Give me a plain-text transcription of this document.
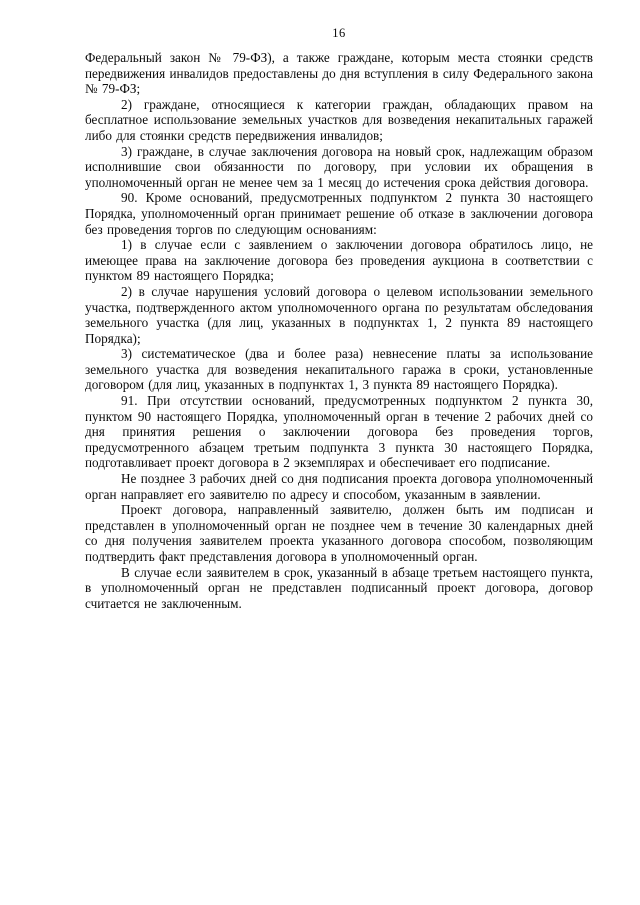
16

Федеральный закон № 79-ФЗ), а также граждане, которым места стоянки средств передвижения инвалидов предоставлены до дня вступления в силу Федерального закона № 79-ФЗ;

2) граждане, относящиеся к категории граждан, обладающих правом на бесплатное использование земельных участков для возведения некапитальных гаражей либо для стоянки средств передвижения инвалидов;

3) граждане, в случае заключения договора на новый срок, надлежащим образом исполнившие свои обязанности по договору, при условии их обращения в уполномоченный орган не менее чем за 1 месяц до истечения срока действия договора.

90. Кроме оснований, предусмотренных подпунктом 2 пункта 30 настоящего Порядка, уполномоченный орган принимает решение об отказе в заключении договора без проведения торгов по следующим основаниям:

1) в случае если с заявлением о заключении договора обратилось лицо, не имеющее права на заключение договора без проведения аукциона в соответствии с пунктом 89 настоящего Порядка;

2) в случае нарушения условий договора о целевом использовании земельного участка, подтвержденного актом уполномоченного органа по результатам обследования земельного участка (для лиц, указанных в подпунктах 1, 2 пункта 89 настоящего Порядка);

3) систематическое (два и более раза) невнесение платы за использование земельного участка для возведения некапитального гаража в сроки, установленные договором (для лиц, указанных в подпунктах 1, 3 пункта 89 настоящего Порядка).

91. При отсутствии оснований, предусмотренных подпунктом 2 пункта 30, пунктом 90 настоящего Порядка, уполномоченный орган в течение 2 рабочих дней со дня принятия решения о заключении договора без проведения торгов, предусмотренного абзацем третьим подпункта 3 пункта 30 настоящего Порядка, подготавливает проект договора в 2 экземплярах и обеспечивает его подписание.

Не позднее 3 рабочих дней со дня подписания проекта договора уполномоченный орган направляет его заявителю по адресу и способом, указанным в заявлении.

Проект договора, направленный заявителю, должен быть им подписан и представлен в уполномоченный орган не позднее чем в течение 30 календарных дней со дня получения заявителем проекта указанного договора способом, позволяющим подтвердить факт представления договора в уполномоченный орган.

В случае если заявителем в срок, указанный в абзаце третьем настоящего пункта, в уполномоченный орган не представлен подписанный проект договора, договор считается не заключенным.
